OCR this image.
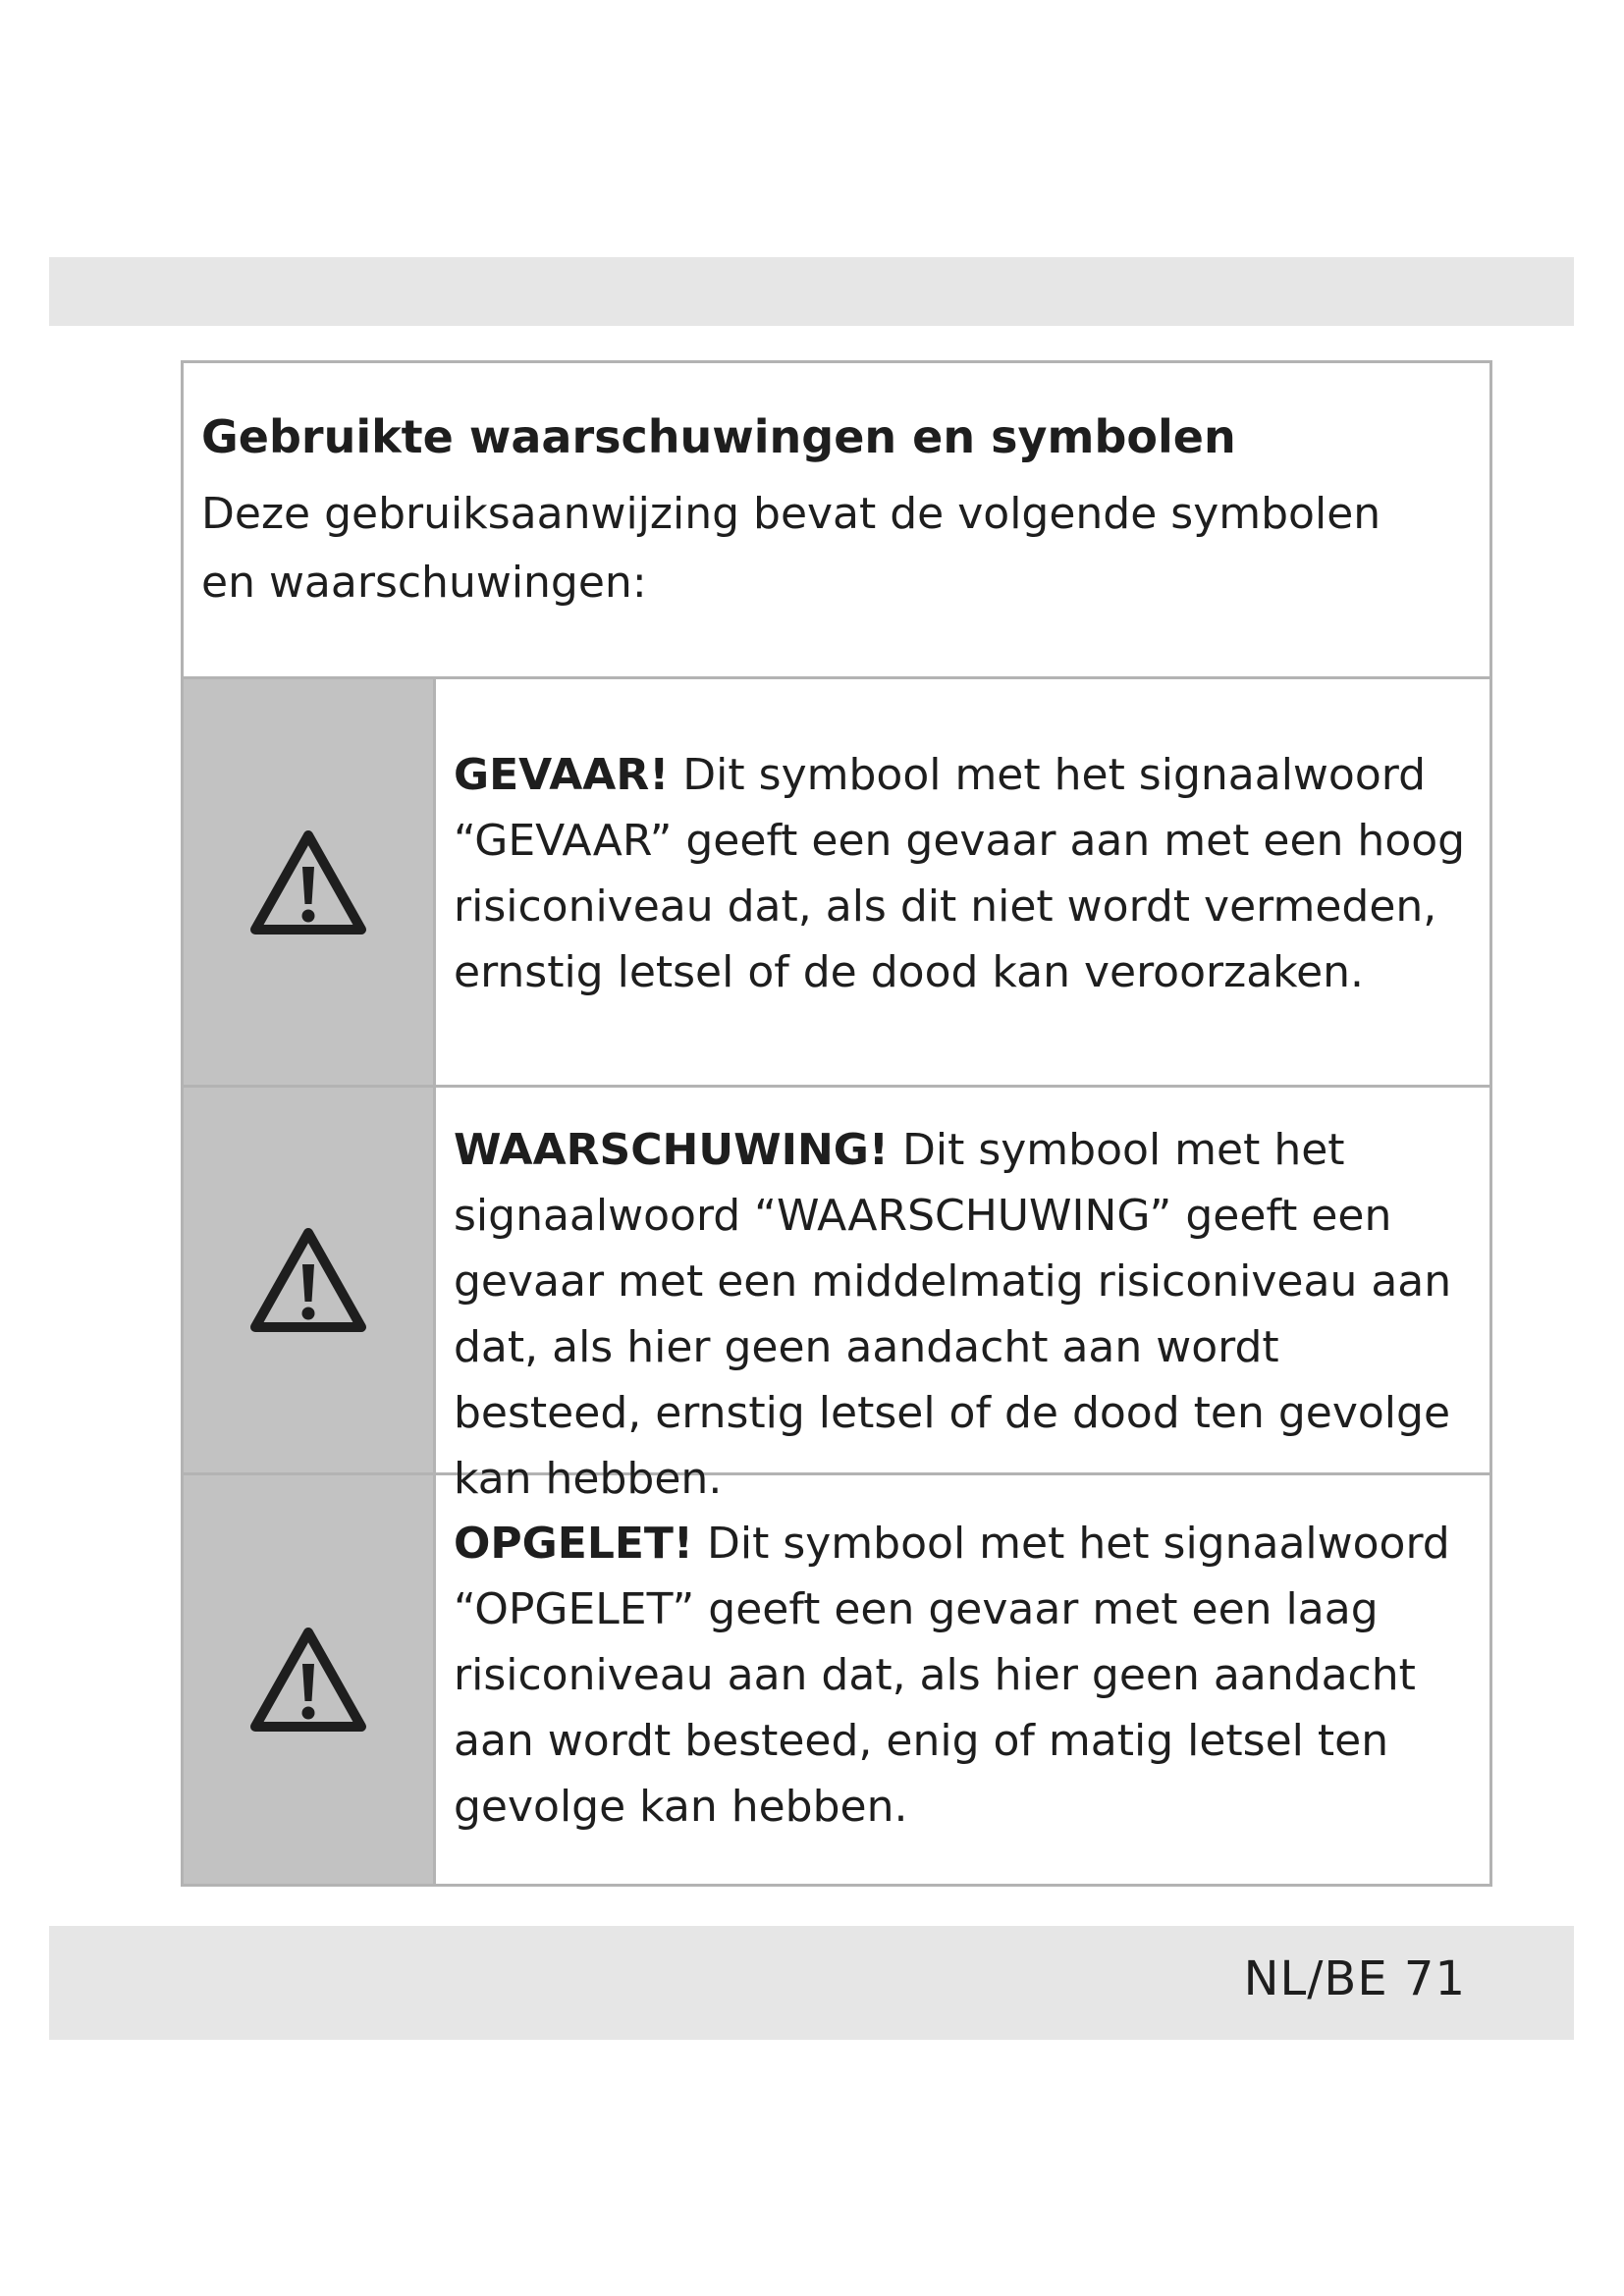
Gebruikte waarschuwingen en symbolen

Deze gebruiksaanwijzing bevat de volgende symbolen en waarschuwingen:

GEVAAR! Dit symbool met het signaalwoord “GEVAAR” geeft een gevaar aan met een hoog risiconiveau dat, als dit niet wordt vermeden, ernstig letsel of de dood kan veroorzaken.
WAARSCHUWING! Dit symbool met het signaalwoord “WAARSCHUWING” geeft een gevaar met een middelmatig risiconiveau aan dat, als hier geen aandacht aan wordt besteed, ernstig letsel of de dood ten gevolge kan hebben.
OPGELET! Dit symbool met het signaalwoord “OPGELET” geeft een gevaar met een laag risiconiveau aan dat, als hier geen aandacht aan wordt besteed, enig of matig letsel ten gevolge kan hebben.
NL/BE 71
